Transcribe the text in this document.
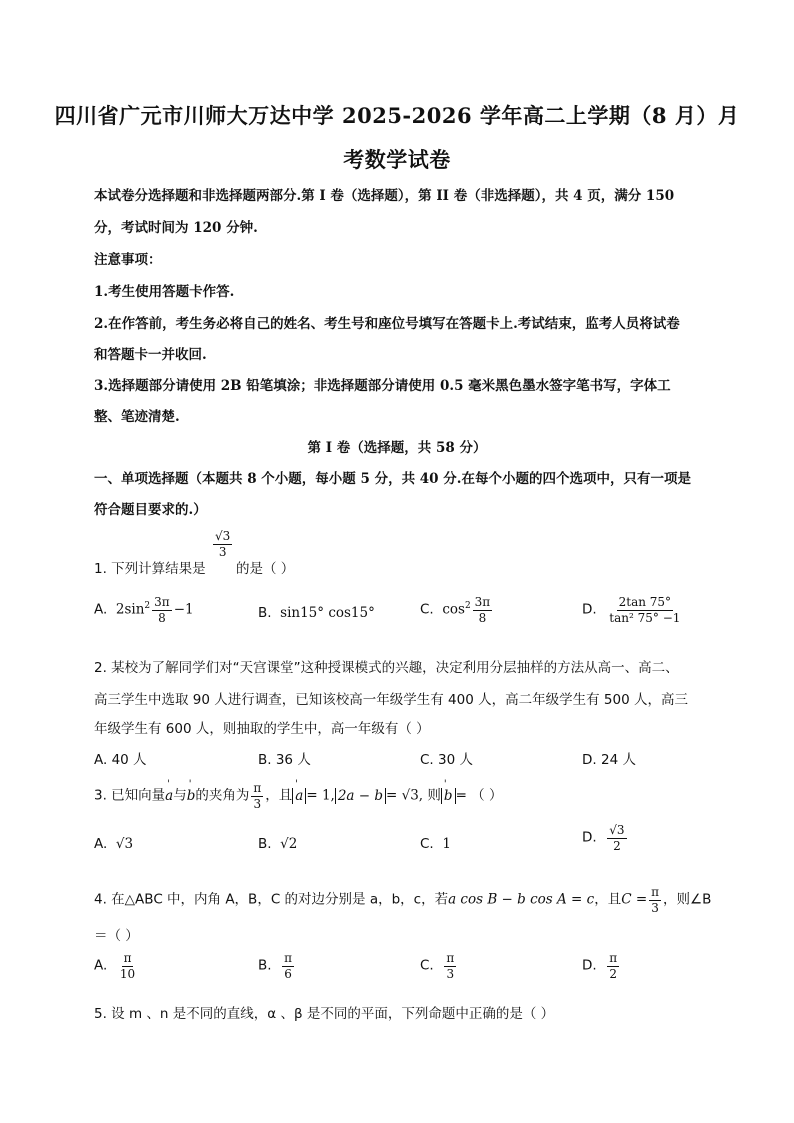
四川省广元市川师大万达中学 2025-2026 学年高二上学期（8 月）月
考数学试卷
本试卷分选择题和非选择题两部分.第 I 卷（选择题），第 II 卷（非选择题），共 4 页，满分 150
分，考试时间为 120 分钟.
注意事项：
1.考生使用答题卡作答.
2.在作答前，考生务必将自己的姓名、考生号和座位号填写在答题卡上.考试结束，监考人员将试卷
和答题卡一并收回.
3.选择题部分请使用 2B 铅笔填涂；非选择题部分请使用 0.5 毫米黑色墨水签字笔书写，字体工
整、笔迹清楚.
第 I 卷（选择题，共 58 分）
一、单项选择题（本题共 8 个小题，每小题 5 分，共 40 分.在每个小题的四个选项中，只有一项是
符合题目要求的.）
1. 下列计算结果是
$\frac{√3}{3}$
的是（ ）
A. $2\sin^2 \frac{3\pi}{8} -1$	B. sin15° cos15°	C. $\cos^2 \frac{3\pi}{8}$	D. $\frac{2\tan 75^\circ}{\text{tan² 75° −1}}$
2. 某校为了解同学们对“天宫课堂”这种授课模式的兴趣，决定利用分层抽样的方法从高一、高二、
高三学生中选取 90 人进行调查，已知该校高一年级学生有 400 人，高二年级学生有 500 人，高三
年级学生有 600 人，则抽取的学生中，高一年级有（ ）
A. 40 人	B. 36 人	C. 30 人	D. 24 人
3. 已知向量' a与' b的夹角为 $\frac{\pi}{3}$ ，且 ' a = 1, 2a − b = √3, 则 ' b = （ ）
A. √3	B. √2	C. 1	D. $\frac{√3}{2}$
4. 在△ABC 中，内角 A，B，C 的对边分别是 a，b，c，若a cos B − b cos A = c，且$C = \frac{\pi}{3}$ ，则∠B
＝（ ）
A. $\frac{\pi}{10}$	B. $\frac{\pi}{6}$	C. $\frac{\pi}{3}$	D. $\frac{\pi}{2}$
5. 设 m 、n 是不同的直线，α 、β 是不同的平面，下列命题中正确的是（ ）
